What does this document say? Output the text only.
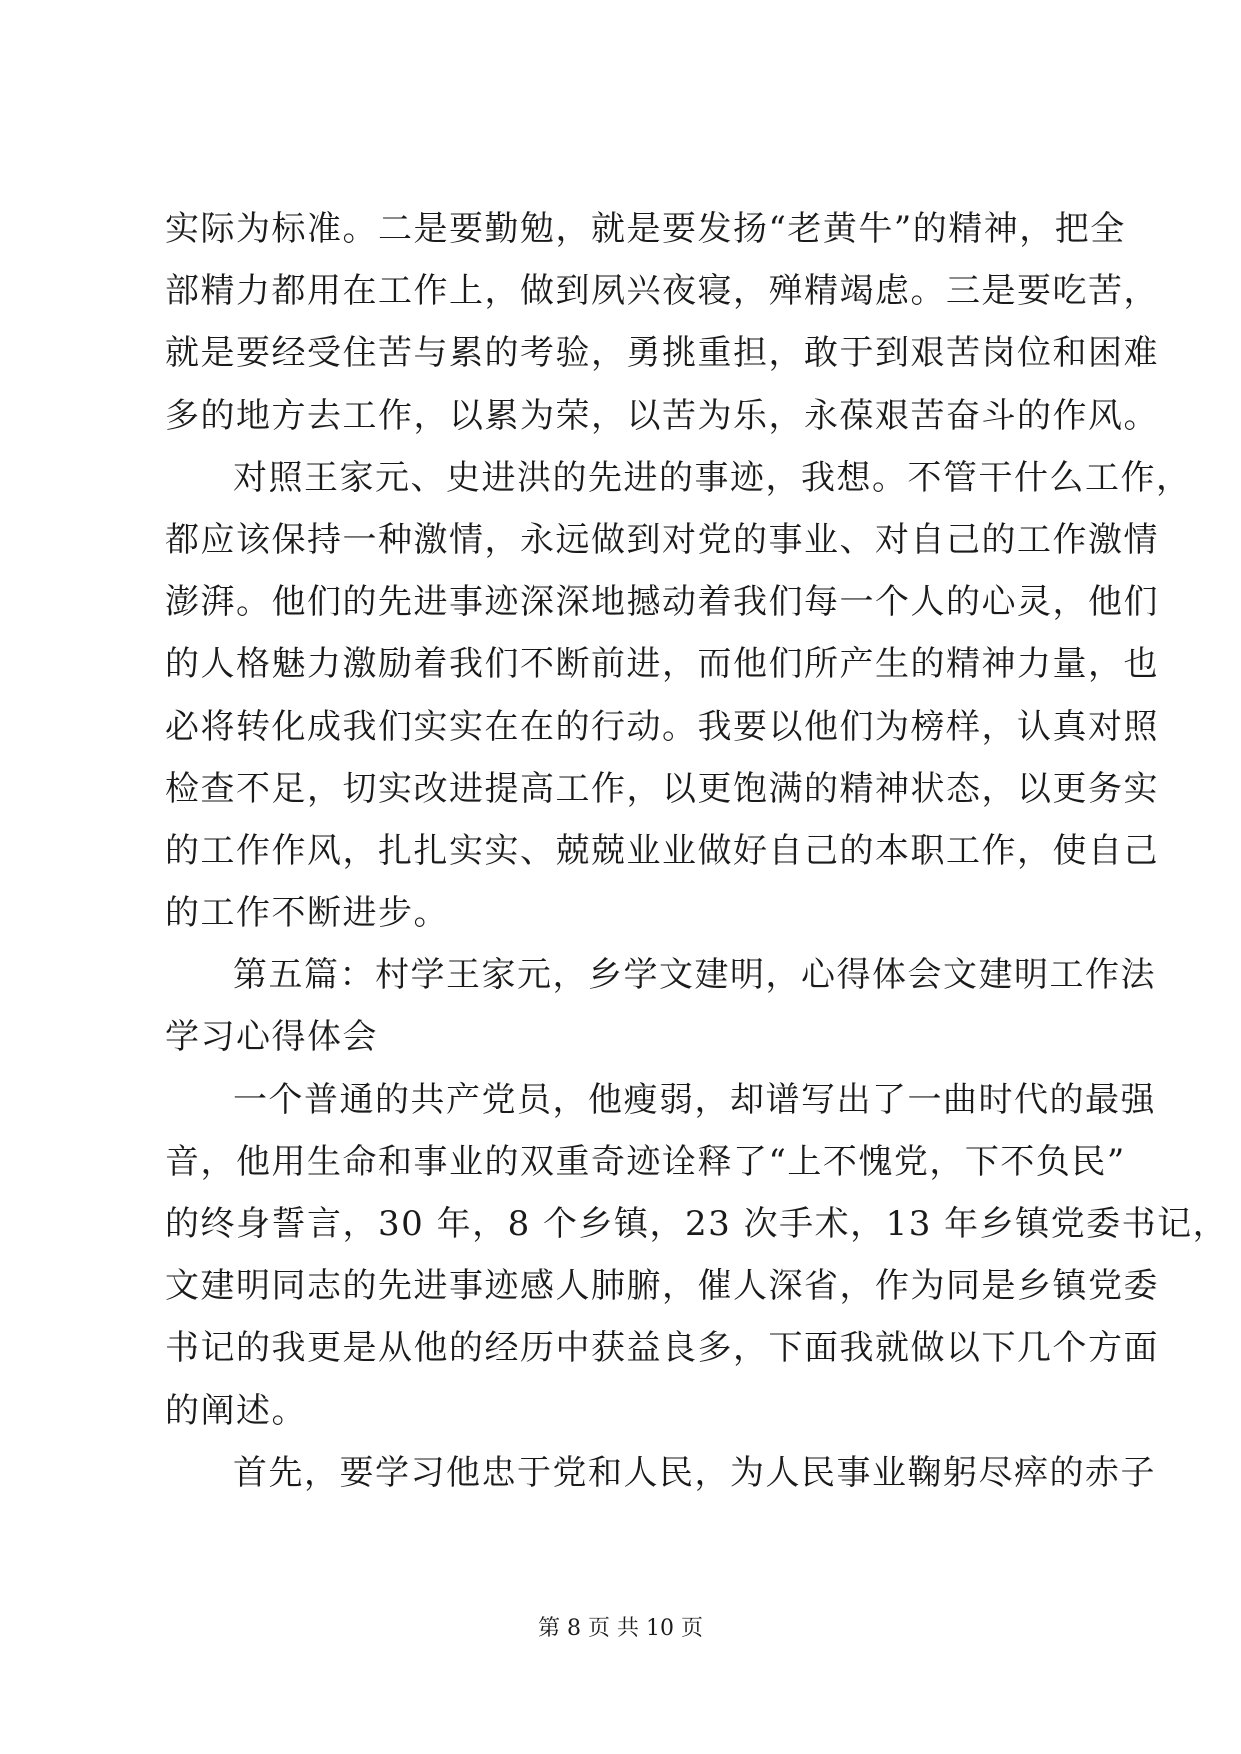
实际为标准。二是要勤勉，就是要发扬“老黄牛”的精神，把全
部精力都用在工作上，做到夙兴夜寝，殚精竭虑。三是要吃苦，
就是要经受住苦与累的考验，勇挑重担，敢于到艰苦岗位和困难
多的地方去工作，以累为荣，以苦为乐，永葆艰苦奋斗的作风。
对照王家元、史进洪的先进的事迹，我想。不管干什么工作，
都应该保持一种激情，永远做到对党的事业、对自己的工作激情
澎湃。他们的先进事迹深深地撼动着我们每一个人的心灵，他们
的人格魅力激励着我们不断前进，而他们所产生的精神力量，也
必将转化成我们实实在在的行动。我要以他们为榜样，认真对照
检查不足，切实改进提高工作，以更饱满的精神状态，以更务实
的工作作风，扎扎实实、兢兢业业做好自己的本职工作，使自己
的工作不断进步。
第五篇：村学王家元，乡学文建明，心得体会文建明工作法
学习心得体会
一个普通的共产党员，他瘦弱，却谱写出了一曲时代的最强
音，他用生命和事业的双重奇迹诠释了“上不愧党，下不负民”
的终身誓言，30 年，8 个乡镇，23 次手术，13 年乡镇党委书记，
文建明同志的先进事迹感人肺腑，催人深省，作为同是乡镇党委
书记的我更是从他的经历中获益良多，下面我就做以下几个方面
的阐述。
首先，要学习他忠于党和人民，为人民事业鞠躬尽瘁的赤子
第 8 页 共 10 页
